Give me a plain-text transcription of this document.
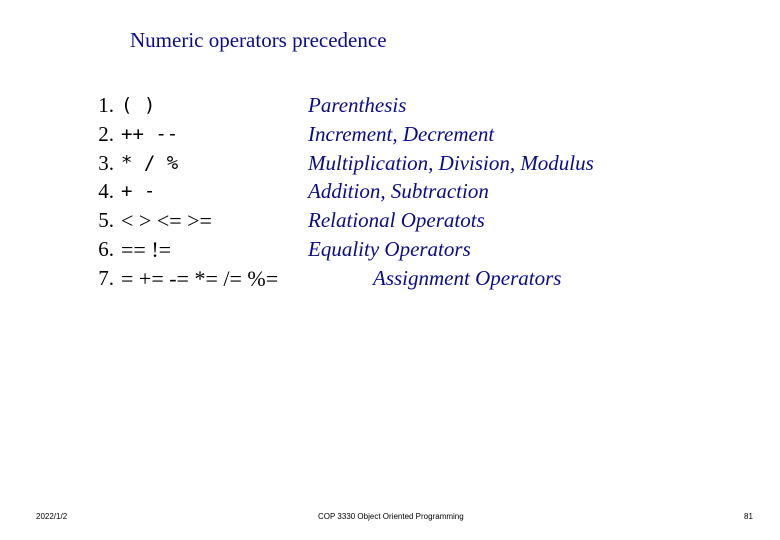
Numeric operators precedence
1. ( )	Parenthesis
2. ++ --	Increment, Decrement
3. * / %	Multiplication, Division, Modulus
4. + -	Addition, Subtraction
5. < > <= >=	Relational Operatots
6. == !=	Equality Operators
7. = += -= *= /= %=	Assignment Operators
2022/1/2	COP 3330 Object Oriented Programming	81
